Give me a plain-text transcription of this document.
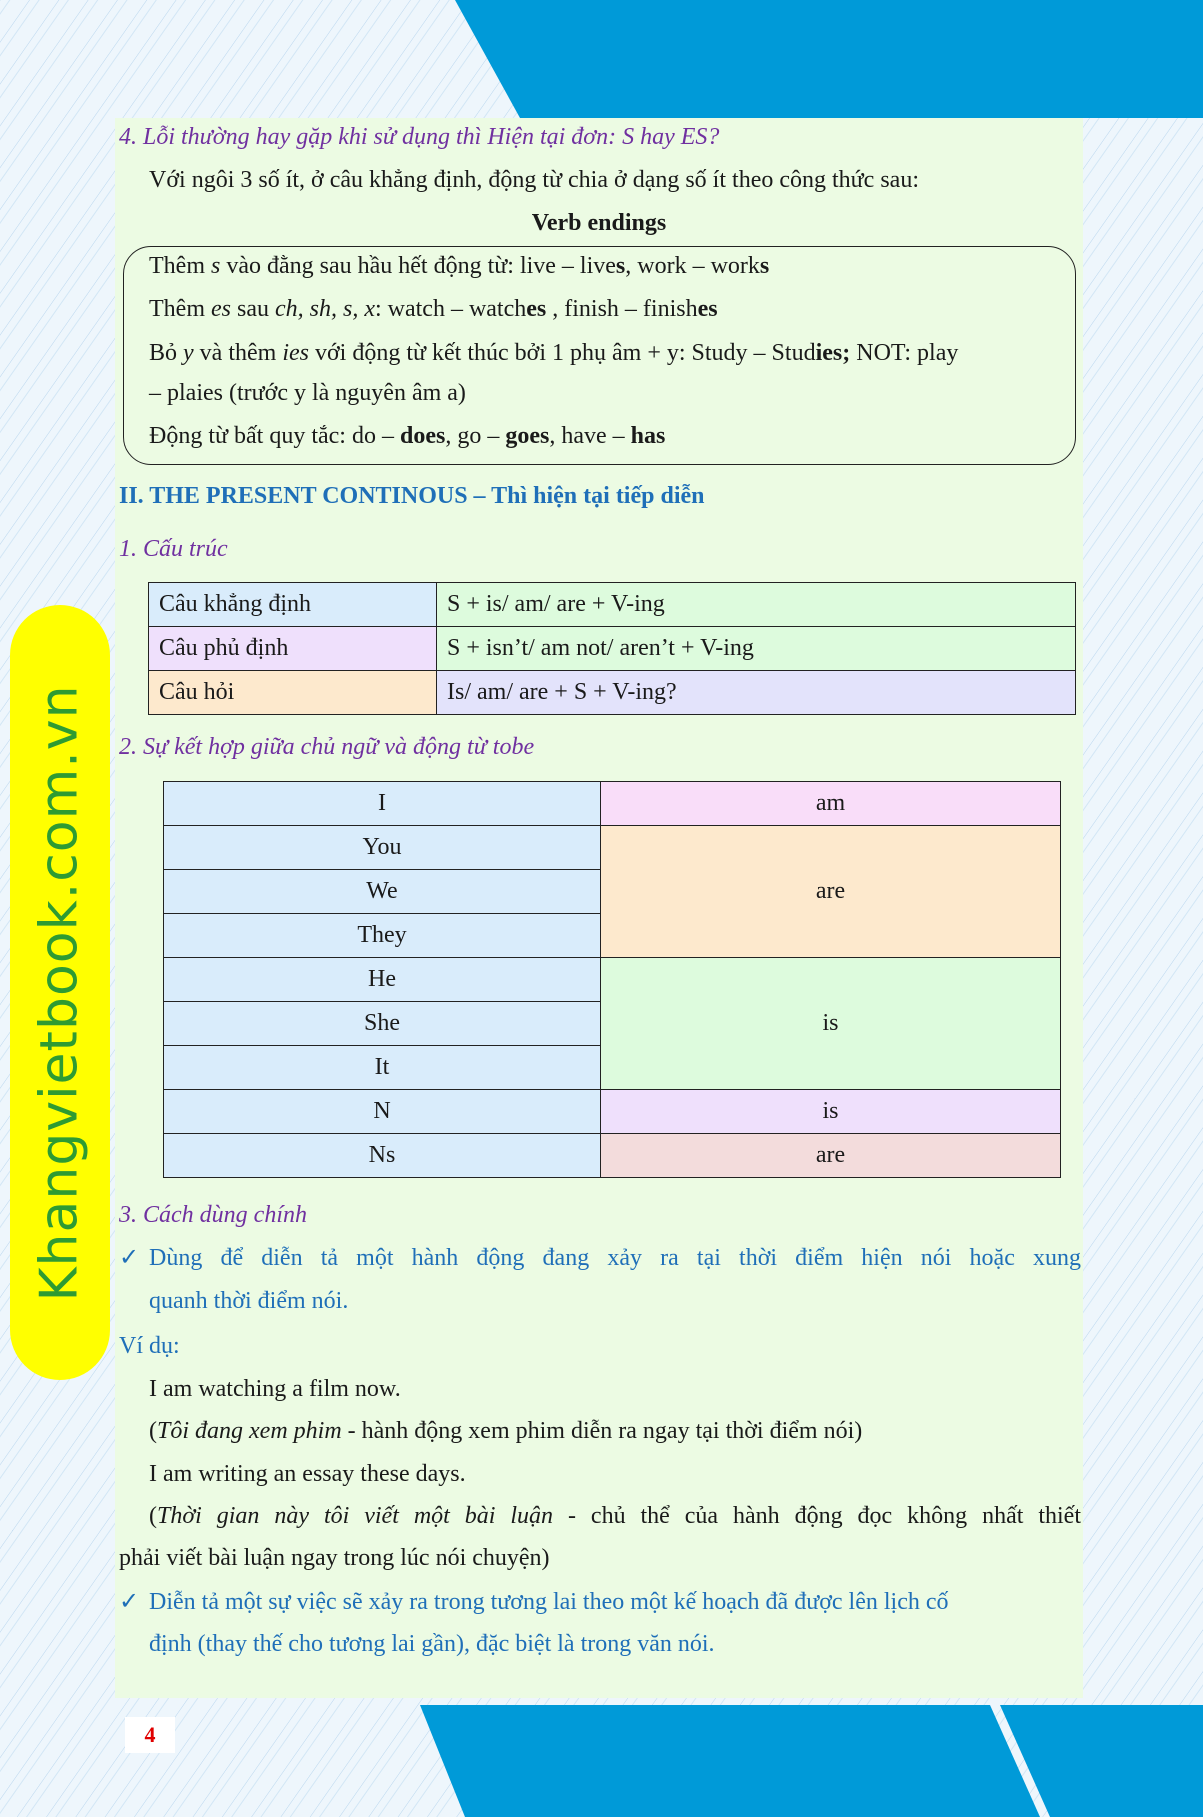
Khangvietbook.com.vn
4. Lỗi thường hay gặp khi sử dụng thì Hiện tại đơn: S hay ES?
Với ngôi 3 số ít, ở câu khẳng định, động từ chia ở dạng số ít theo công thức sau:
Verb endings
Thêm s vào đằng sau hầu hết động từ: live – lives, work – works
Thêm es sau ch, sh, s, x: watch – watches , finish – finishes
Bỏ y và thêm ies với động từ kết thúc bởi 1 phụ âm + y: Study – Studies; NOT: play
– plaies (trước y là nguyên âm a)
Động từ bất quy tắc: do – does, go – goes, have – has
II. THE PRESENT CONTINOUS – Thì hiện tại tiếp diễn
1. Cấu trúc
Câu khẳng định	S + is/ am/ are + V-ing
Câu phủ định	S + isn’t/ am not/ aren’t + V-ing
Câu hỏi	Is/ am/ are + S + V-ing?
2. Sự kết hợp giữa chủ ngữ và động từ tobe
I	am
You	are
We	
They	
He	is
She	
It	
N	is
Ns	are
3. Cách dùng chính
✓ Dùng để diễn tả một hành động đang xảy ra tại thời điểm hiện nói hoặc xung
quanh thời điểm nói.
Ví dụ:
I am watching a film now.
(Tôi đang xem phim - hành động xem phim diễn ra ngay tại thời điểm nói)
I am writing an essay these days.
(Thời gian này tôi viết một bài luận - chủ thể của hành động đọc không nhất thiết
phải viết bài luận ngay trong lúc nói chuyện)
✓ Diễn tả một sự việc sẽ xảy ra trong tương lai theo một kế hoạch đã được lên lịch cố
định (thay thế cho tương lai gần), đặc biệt là trong văn nói.
4
